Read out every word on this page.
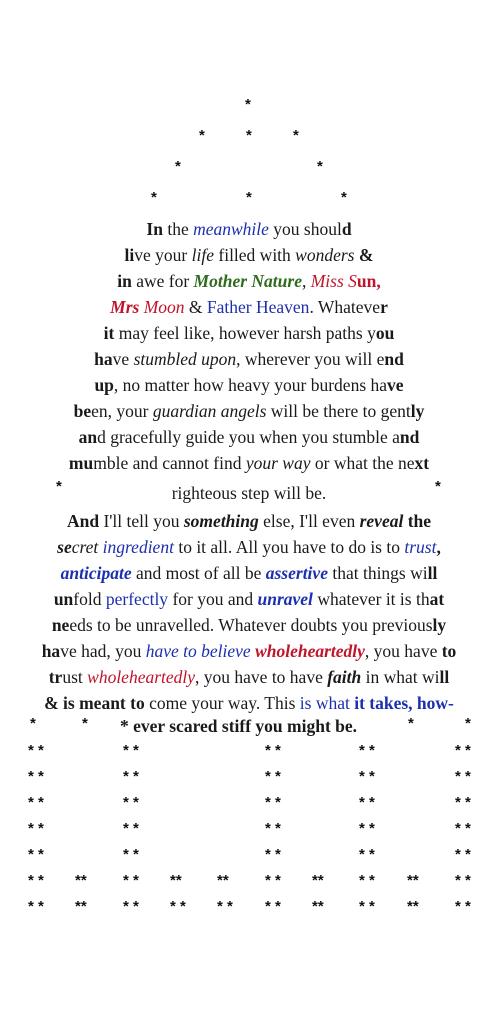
*
*	*	*
*	*
*	*	*
In the meanwhile you should
live your life filled with wonders &
in awe for Mother Nature, Miss Sun,
Mrs Moon & Father Heaven. Whatever
it may feel like, however harsh paths you
have stumbled upon, wherever you will end
up, no matter how heavy your burdens have
been, your guardian angels will be there to gently
and gracefully guide you when you stumble and
mumble and cannot find your way or what the next
*	*
righteous step will be.
And I'll tell you something else, I'll even reveal the
secret ingredient to it all. All you have to do is to trust,
anticipate and most of all be assertive that things will
unfold perfectly for you and unravel whatever it is that
needs to be unravelled. Whatever doubts you previously
have had, you have to believe wholeheartedly, you have to
trust wholeheartedly, you have to have faith in what will
& is meant to come your way. This is what it takes, how-
*	*	*	*
* ever scared stiff you might be.
* *	* *	* *	* *	* *
* *	* *	* *	* *	* *
* *	* *	* *	* *	* *
* *	* *	* *	* *	* *
* *	* *	* *	* *	* *
* * ** * * ** ** * * ** * * ** * *
* * ** * * * * * * * * ** * * ** * *
